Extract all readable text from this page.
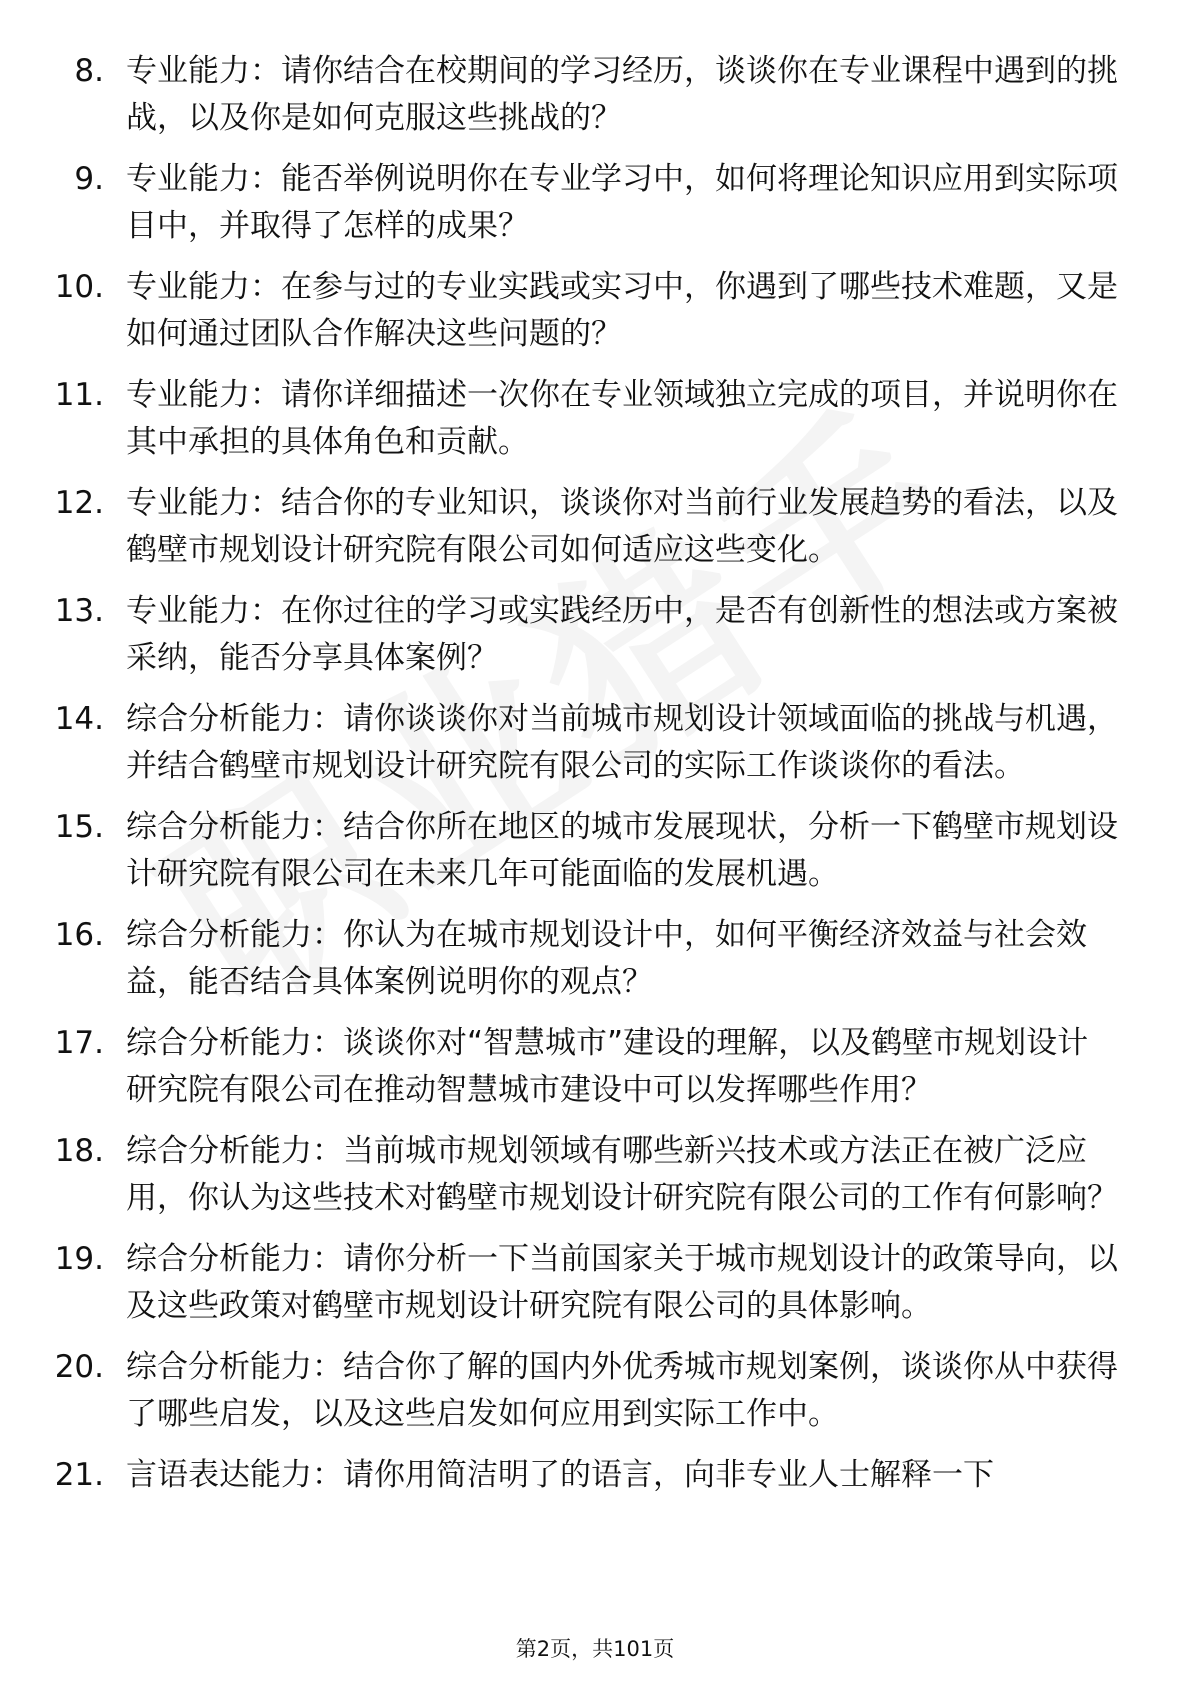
8. 专业能力：请你结合在校期间的学习经历，谈谈你在专业课程中遇到的挑战，以及你是如何克服这些挑战的？
9. 专业能力：能否举例说明你在专业学习中，如何将理论知识应用到实际项目中，并取得了怎样的成果？
10. 专业能力：在参与过的专业实践或实习中，你遇到了哪些技术难题，又是如何通过团队合作解决这些问题的？
11. 专业能力：请你详细描述一次你在专业领域独立完成的项目，并说明你在其中承担的具体角色和贡献。
12. 专业能力：结合你的专业知识，谈谈你对当前行业发展趋势的看法，以及鹤壁市规划设计研究院有限公司如何适应这些变化。
13. 专业能力：在你过往的学习或实践经历中，是否有创新性的想法或方案被采纳，能否分享具体案例？
14. 综合分析能力：请你谈谈你对当前城市规划设计领域面临的挑战与机遇，并结合鹤壁市规划设计研究院有限公司的实际工作谈谈你的看法。
15. 综合分析能力：结合你所在地区的城市发展现状，分析一下鹤壁市规划设计研究院有限公司在未来几年可能面临的发展机遇。
16. 综合分析能力：你认为在城市规划设计中，如何平衡经济效益与社会效益，能否结合具体案例说明你的观点？
17. 综合分析能力：谈谈你对“智慧城市”建设的理解，以及鹤壁市规划设计研究院有限公司在推动智慧城市建设中可以发挥哪些作用？
18. 综合分析能力：当前城市规划领域有哪些新兴技术或方法正在被广泛应用，你认为这些技术对鹤壁市规划设计研究院有限公司的工作有何影响？
19. 综合分析能力：请你分析一下当前国家关于城市规划设计的政策导向，以及这些政策对鹤壁市规划设计研究院有限公司的具体影响。
20. 综合分析能力：结合你了解的国内外优秀城市规划案例，谈谈你从中获得了哪些启发，以及这些启发如何应用到实际工作中。
21. 言语表达能力：请你用简洁明了的语言，向非专业人士解释一下
第2页，共101页
